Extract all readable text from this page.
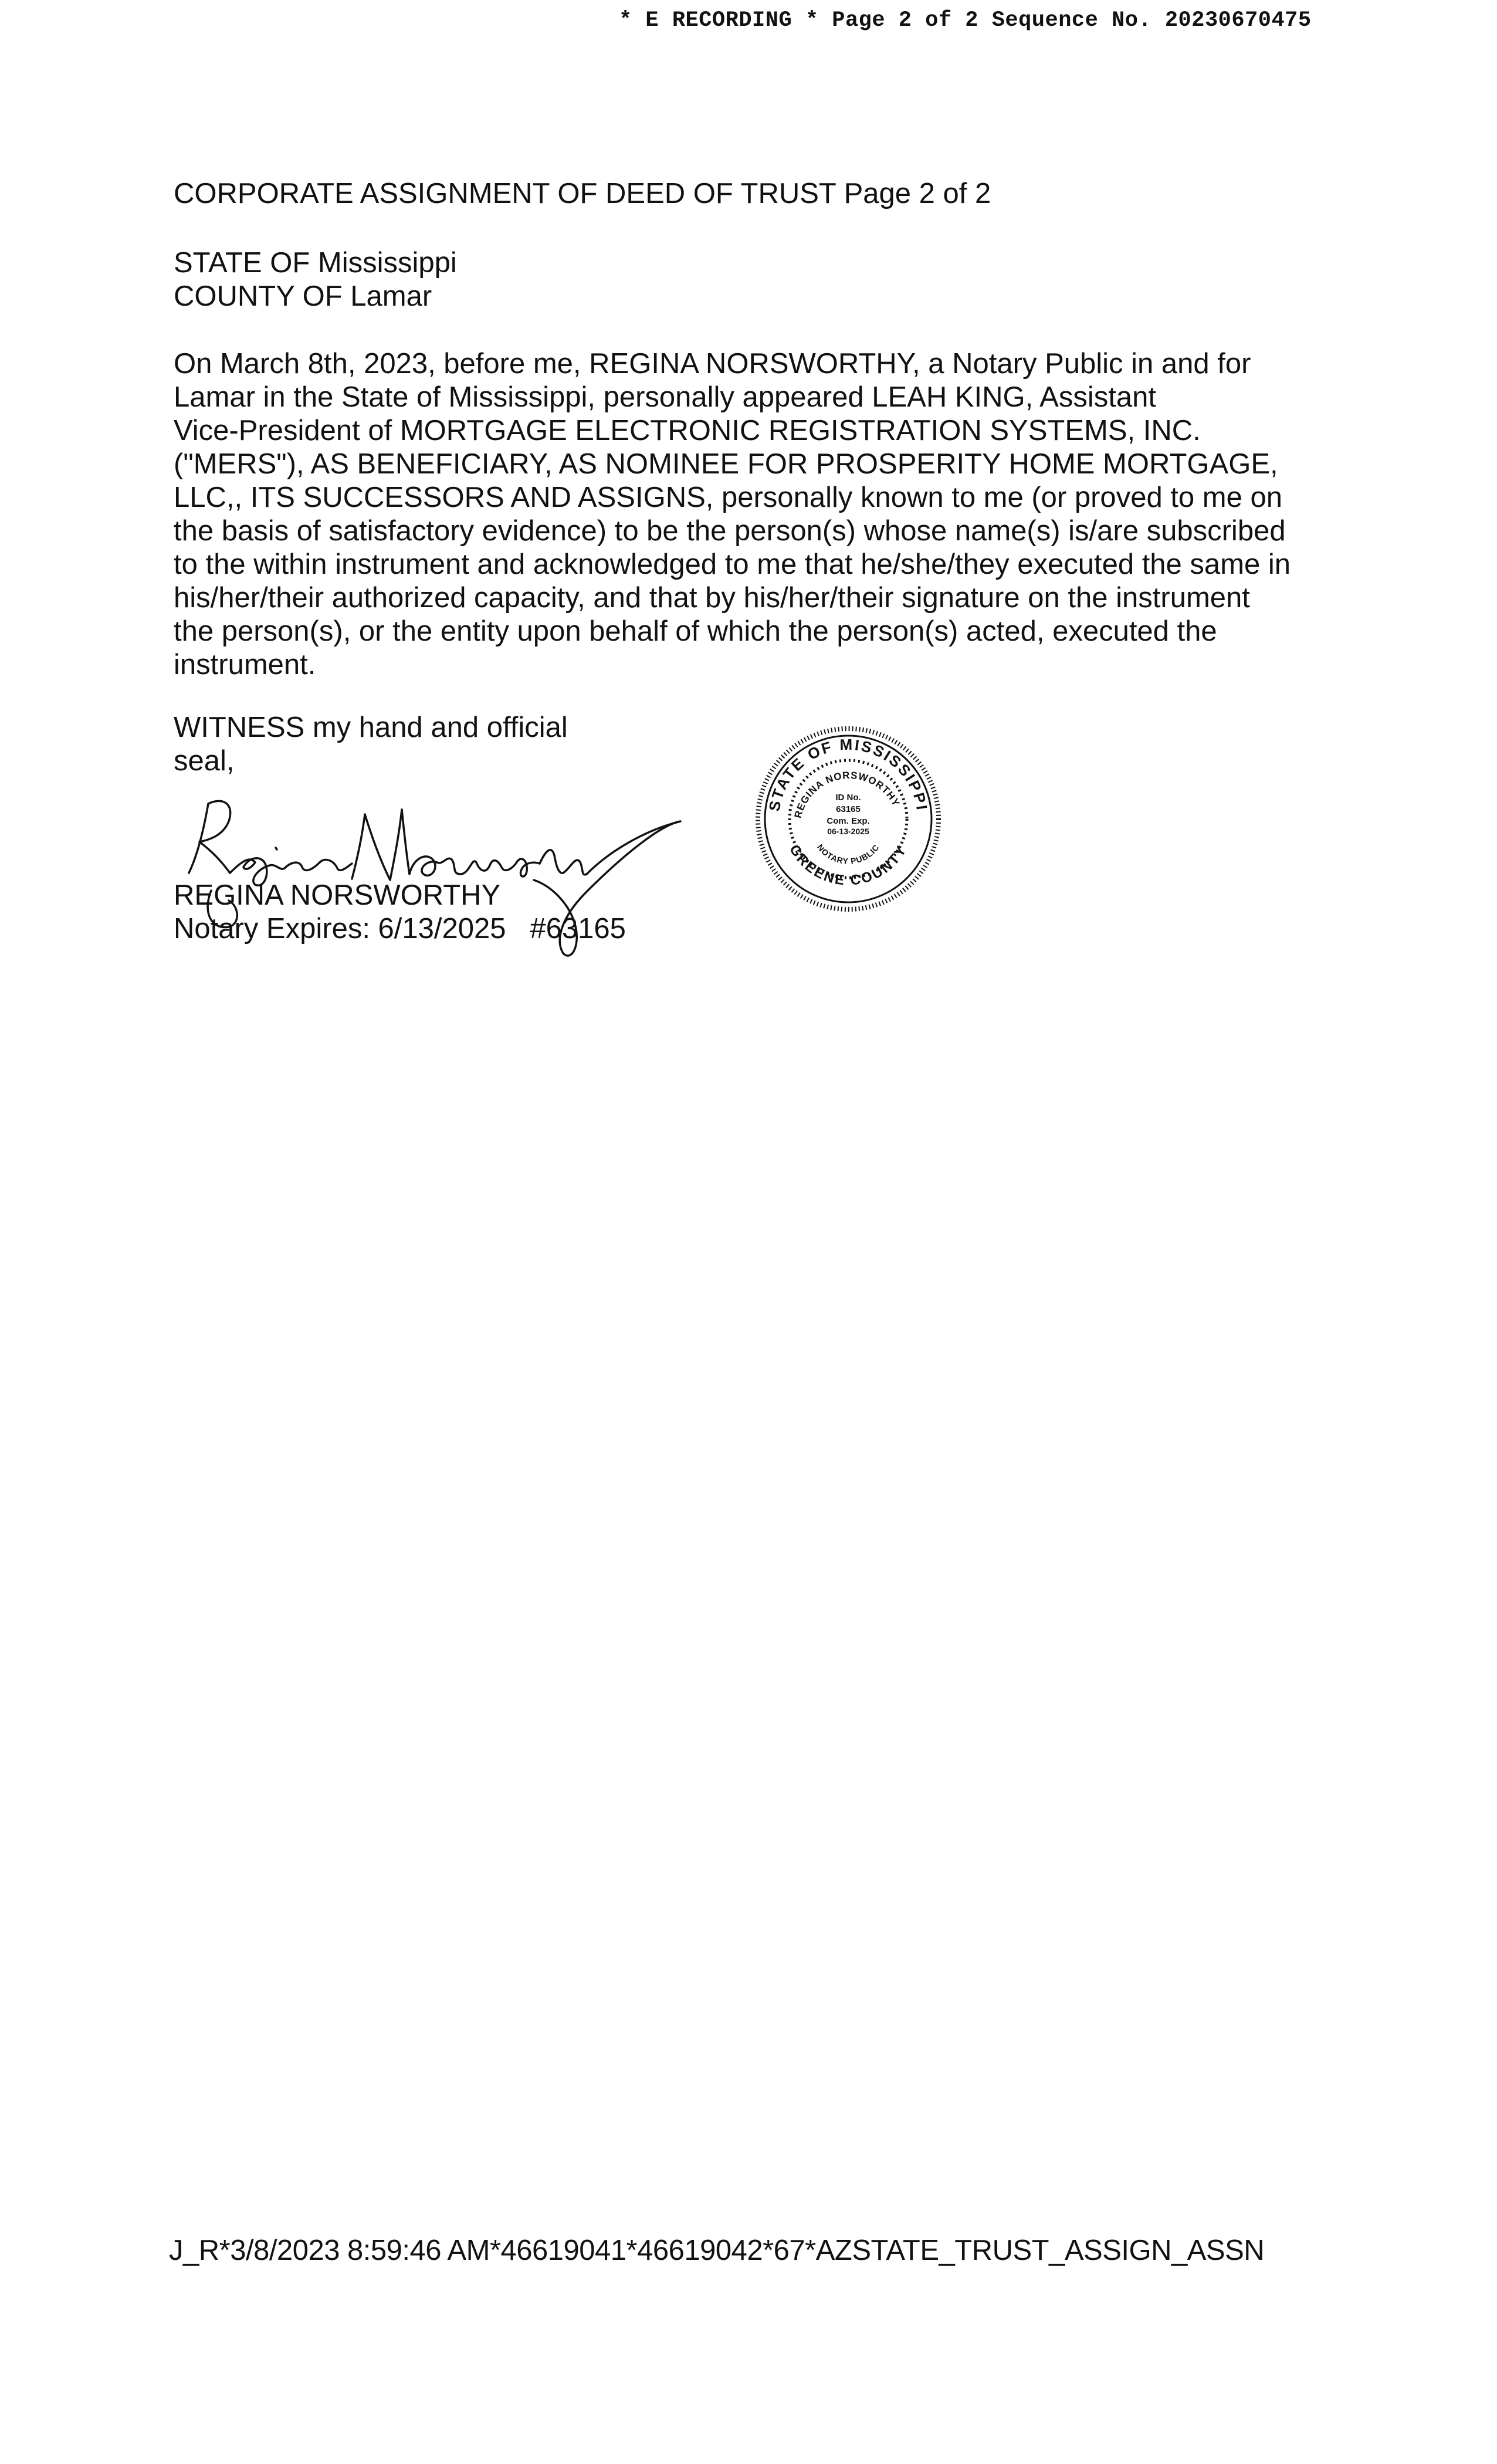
* E RECORDING * Page 2 of 2 Sequence No. 20230670475
CORPORATE ASSIGNMENT OF DEED OF TRUST Page 2 of 2
STATE OF Mississippi
COUNTY OF Lamar
On March 8th, 2023, before me, REGINA NORSWORTHY, a Notary Public in and for
Lamar in the State of Mississippi, personally appeared LEAH KING, Assistant
Vice-President of MORTGAGE ELECTRONIC REGISTRATION SYSTEMS, INC.
("MERS"), AS BENEFICIARY, AS NOMINEE FOR PROSPERITY HOME MORTGAGE,
LLC,, ITS SUCCESSORS AND ASSIGNS, personally known to me (or proved to me on
the basis of satisfactory evidence) to be the person(s) whose name(s) is/are subscribed
to the within instrument and acknowledged to me that he/she/they executed the same in
his/her/their authorized capacity, and that by his/her/their signature on the instrument
the person(s), or the entity upon behalf of which the person(s) acted, executed the
instrument.
WITNESS my hand and official
seal,
REGINA NORSWORTHY
Notary Expires: 6/13/2025   #63165
STATE OF MISSISSIPPI
REGINA NORSWORTHY
GREENE COUNTY
NOTARY PUBLIC
ID No.
63165
Com. Exp.
06-13-2025
J_R*3/8/2023 8:59:46 AM*46619041*46619042*67*AZSTATE_TRUST_ASSIGN_ASSN
